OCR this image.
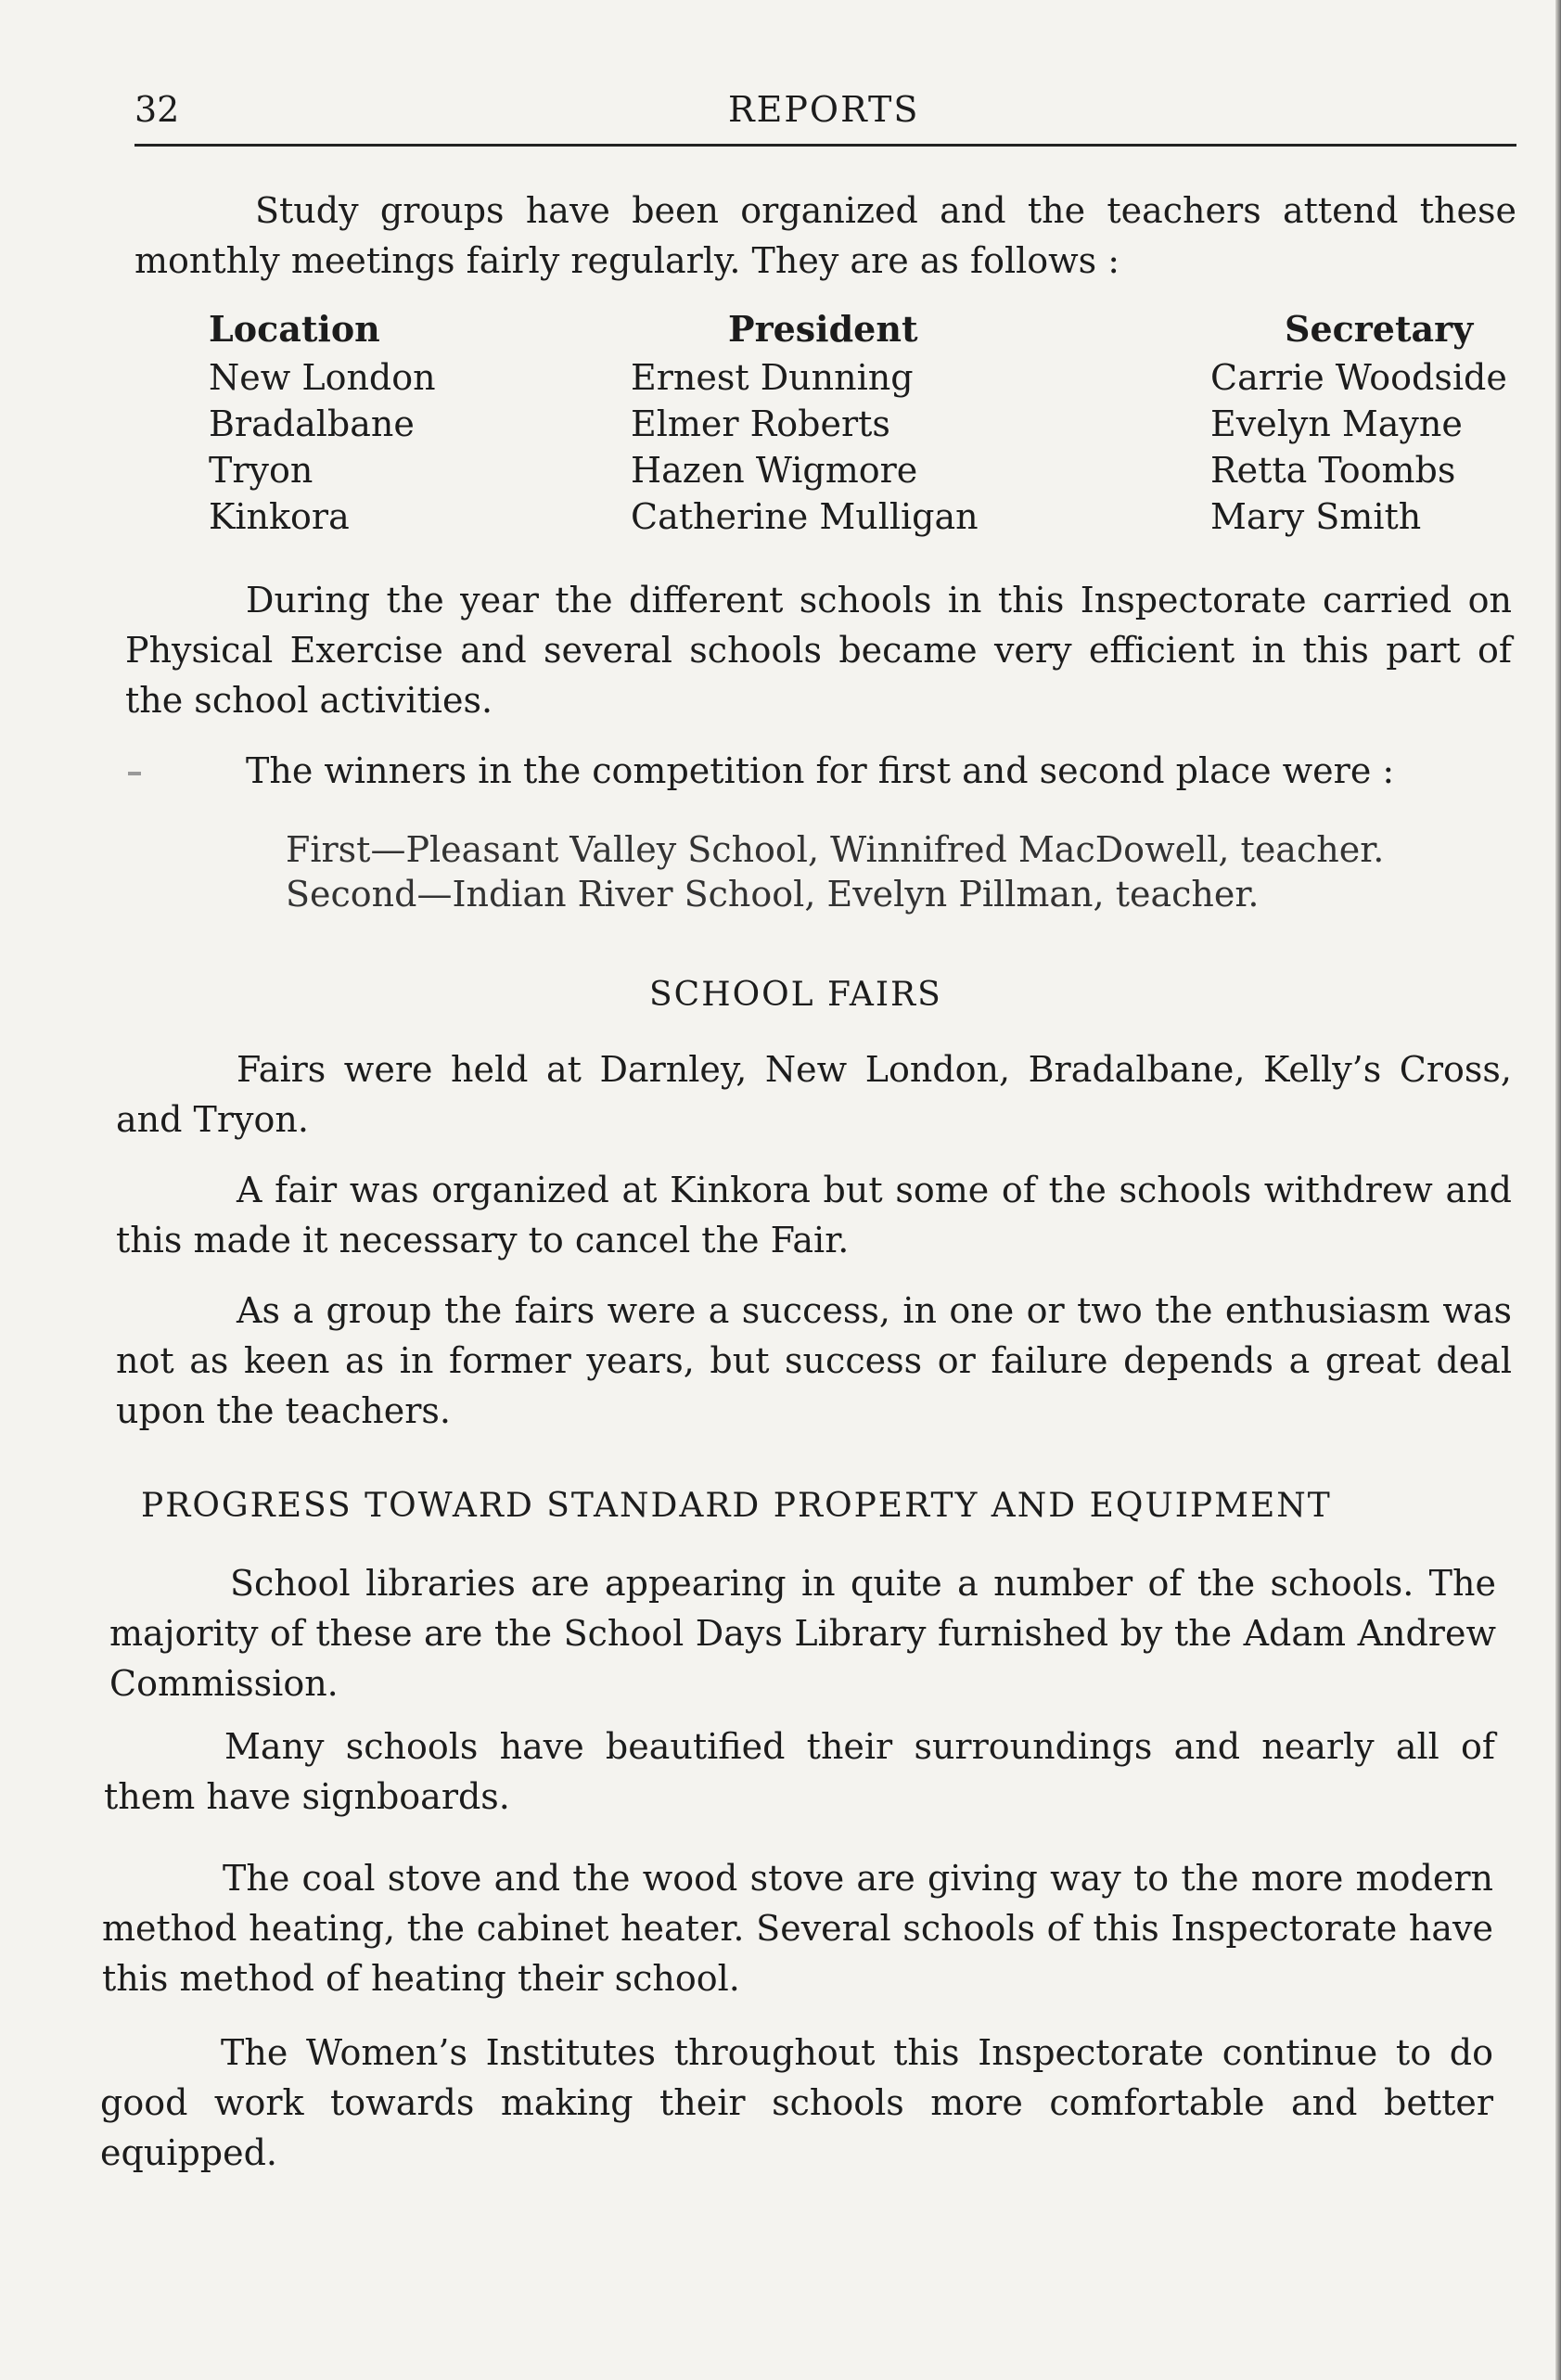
32	REPORTS

Study groups have been organized and the teachers attend these monthly meetings fairly regularly. They are as follows :

Location	President	Secretary
New London	Ernest Dunning	Carrie Woodside
Bradalbane	Elmer Roberts	Evelyn Mayne
Tryon	Hazen Wigmore	Retta Toombs
Kinkora	Catherine Mulligan	Mary Smith

During the year the different schools in this Inspectorate carried on Physical Exercise and several schools became very efficient in this part of the school activities.

The winners in the competition for first and second place were :

First—Pleasant Valley School, Winnifred MacDowell, teacher.
Second—Indian River School, Evelyn Pillman, teacher.
SCHOOL FAIRS

Fairs were held at Darnley, New London, Bradalbane, Kelly’s Cross, and Tryon.

A fair was organized at Kinkora but some of the schools withdrew and this made it necessary to cancel the Fair.

As a group the fairs were a success, in one or two the enthusiasm was not as keen as in former years, but success or failure depends a great deal upon the teachers.

PROGRESS TOWARD STANDARD PROPERTY AND EQUIPMENT

School libraries are appearing in quite a number of the schools. The majority of these are the School Days Library furnished by the Adam Andrew Commission.

Many schools have beautified their surroundings and nearly all of them have signboards.

The coal stove and the wood stove are giving way to the more modern method heating, the cabinet heater. Several schools of this Inspectorate have this method of heating their school.

The Women’s Institutes throughout this Inspectorate continue to do good work towards making their schools more comfortable and better equipped.
